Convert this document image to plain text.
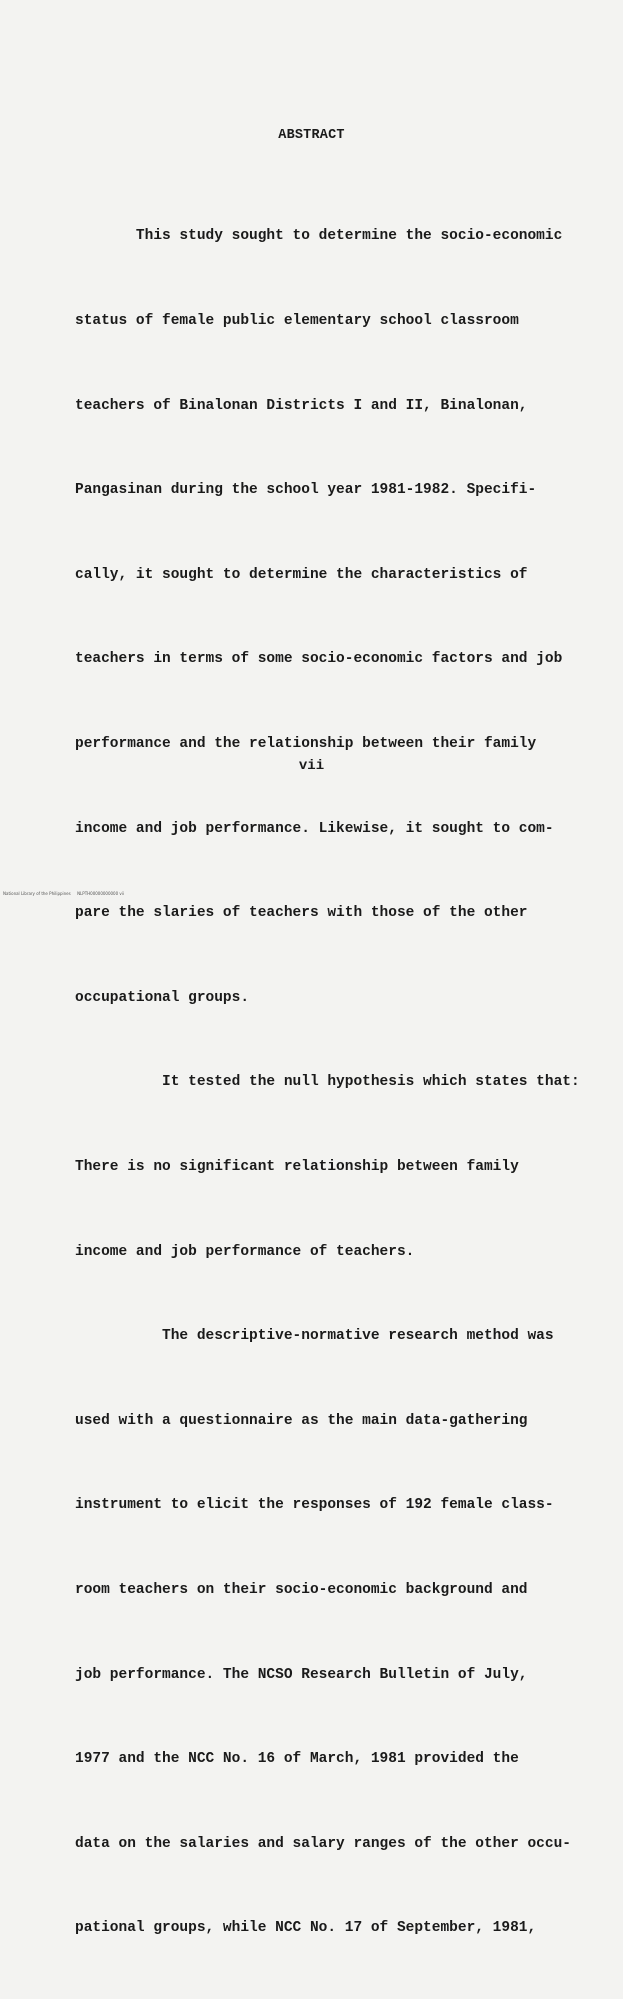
ABSTRACT

This study sought to determine the socio-economic

status of female public elementary school classroom

teachers of Binalonan Districts I and II, Binalonan,

Pangasinan during the school year 1981-1982. Specifi-

cally, it sought to determine the characteristics of

teachers in terms of some socio-economic factors and job

performance and the relationship between their family

income and job performance. Likewise, it sought to com-

pare the slaries of teachers with those of the other

occupational groups.

It tested the null hypothesis which states that:

There is no significant relationship between family

income and job performance of teachers.

The descriptive-normative research method was

used with a questionnaire as the main data-gathering

instrument to elicit the responses of 192 female class-

room teachers on their socio-economic background and

job performance. The NCSO Research Bulletin of July,

1977 and the NCC No. 16 of March, 1981 provided the

data on the salaries and salary ranges of the other occu-

pational groups, while NCC No. 17 of September, 1981,

vii
National Library of the Philippines     NLPTH00000000000 vii
